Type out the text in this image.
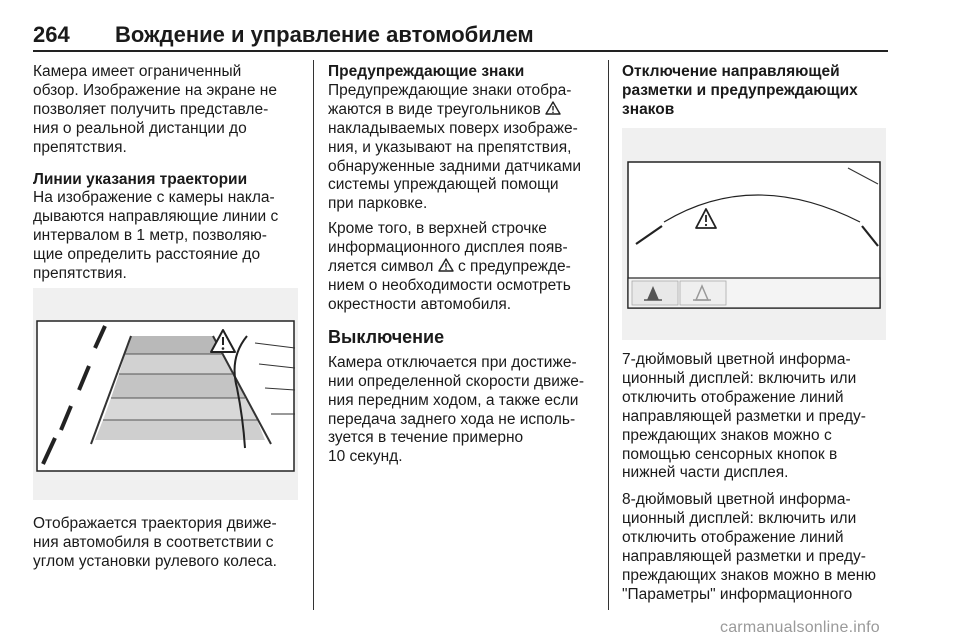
264 Вождение и управление автомобилем

Камера имеет ограниченный
обзор. Изображение на экране не
позволяет получить представле-
ния о реальной дистанции до
препятствия.

Линии указания траектории

На изображение с камеры накла-
дываются направляющие линии с
интервалом в 1 метр, позволяю-
щие определить расстояние до
препятствия.

Отображается траектория движе-
ния автомобиля в соответствии с
углом установки рулевого колеса.

Предупреждающие знаки

Предупреждающие знаки отобра-
жаются в виде треугольников
накладываемых поверх изображе-
ния, и указывают на препятствия,
обнаруженные задними датчиками
системы упреждающей помощи
при парковке.

Кроме того, в верхней строчке
информационного дисплея появ-
ляется символ с предупрежде-
нием о необходимости осмотреть
окрестности автомобиля.

Выключение

Камера отключается при достиже-
нии определенной скорости движе-
ния передним ходом, а также если
передача заднего хода не исполь-
зуется в течение примерно
10 секунд.

Отключение направляющей
разметки и предупреждающих
знаков

7-дюймовый цветной информа-
ционный дисплей: включить или
отключить отображение линий
направляющей разметки и преду-
преждающих знаков можно с
помощью сенсорных кнопок в
нижней части дисплея.

8-дюймовый цветной информа-
ционный дисплей: включить или
отключить отображение линий
направляющей разметки и преду-
преждающих знаков можно в меню
"Параметры" информационного

carmanualsonline.info
